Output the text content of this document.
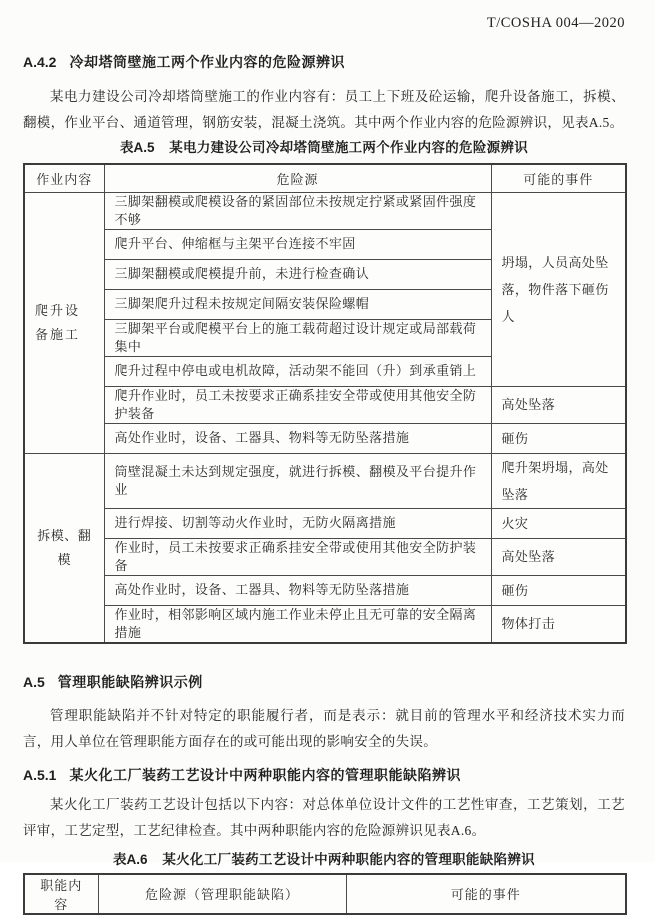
T/COSHA 004—2020
A.4.2 冷却塔筒壁施工两个作业内容的危险源辨识
某电力建设公司冷却塔筒壁施工的作业内容有：员工上下班及砼运输，爬升设备施工，拆模、翻模，作业平台、通道管理，钢筋安装，混凝土浇筑。其中两个作业内容的危险源辨识，见表A.5。
表A.5 某电力建设公司冷却塔筒壁施工两个作业内容的危险源辨识
作业内容	危险源	可能的事件
爬升设备施工	三脚架翻模或爬模设备的紧固部位未按规定拧紧或紧固件强度不够	坍塌，人员高处坠落，物件落下砸伤人
	爬升平台、伸缩框与主架平台连接不牢固	
	三脚架翻模或爬模提升前，未进行检查确认	
	三脚架爬升过程未按规定间隔安装保险螺帽	
	三脚架平台或爬模平台上的施工载荷超过设计规定或局部载荷集中	
	爬升过程中停电或电机故障，活动架不能回（升）到承重销上	
	爬升作业时，员工未按要求正确系挂安全带或使用其他安全防护装备	高处坠落
	高处作业时，设备、工器具、物料等无防坠落措施	砸伤
拆模、翻模	筒壁混凝土未达到规定强度，就进行拆模、翻模及平台提升作业	爬升架坍塌，高处坠落
	进行焊接、切割等动火作业时，无防火隔离措施	火灾
	作业时，员工未按要求正确系挂安全带或使用其他安全防护装备	高处坠落
	高处作业时，设备、工器具、物料等无防坠落措施	砸伤
	作业时，相邻影响区域内施工作业未停止且无可靠的安全隔离措施	物体打击
A.5 管理职能缺陷辨识示例
管理职能缺陷并不针对特定的职能履行者，而是表示：就目前的管理水平和经济技术实力而言，用人单位在管理职能方面存在的或可能出现的影响安全的失误。
A.5.1 某火化工厂装药工艺设计中两种职能内容的管理职能缺陷辨识
某火化工厂装药工艺设计包括以下内容：对总体单位设计文件的工艺性审查，工艺策划，工艺评审，工艺定型，工艺纪律检查。其中两种职能内容的危险源辨识见表A.6。
表A.6 某火化工厂装药工艺设计中两种职能内容的管理职能缺陷辨识
职能内容	危险源（管理职能缺陷）	可能的事件
